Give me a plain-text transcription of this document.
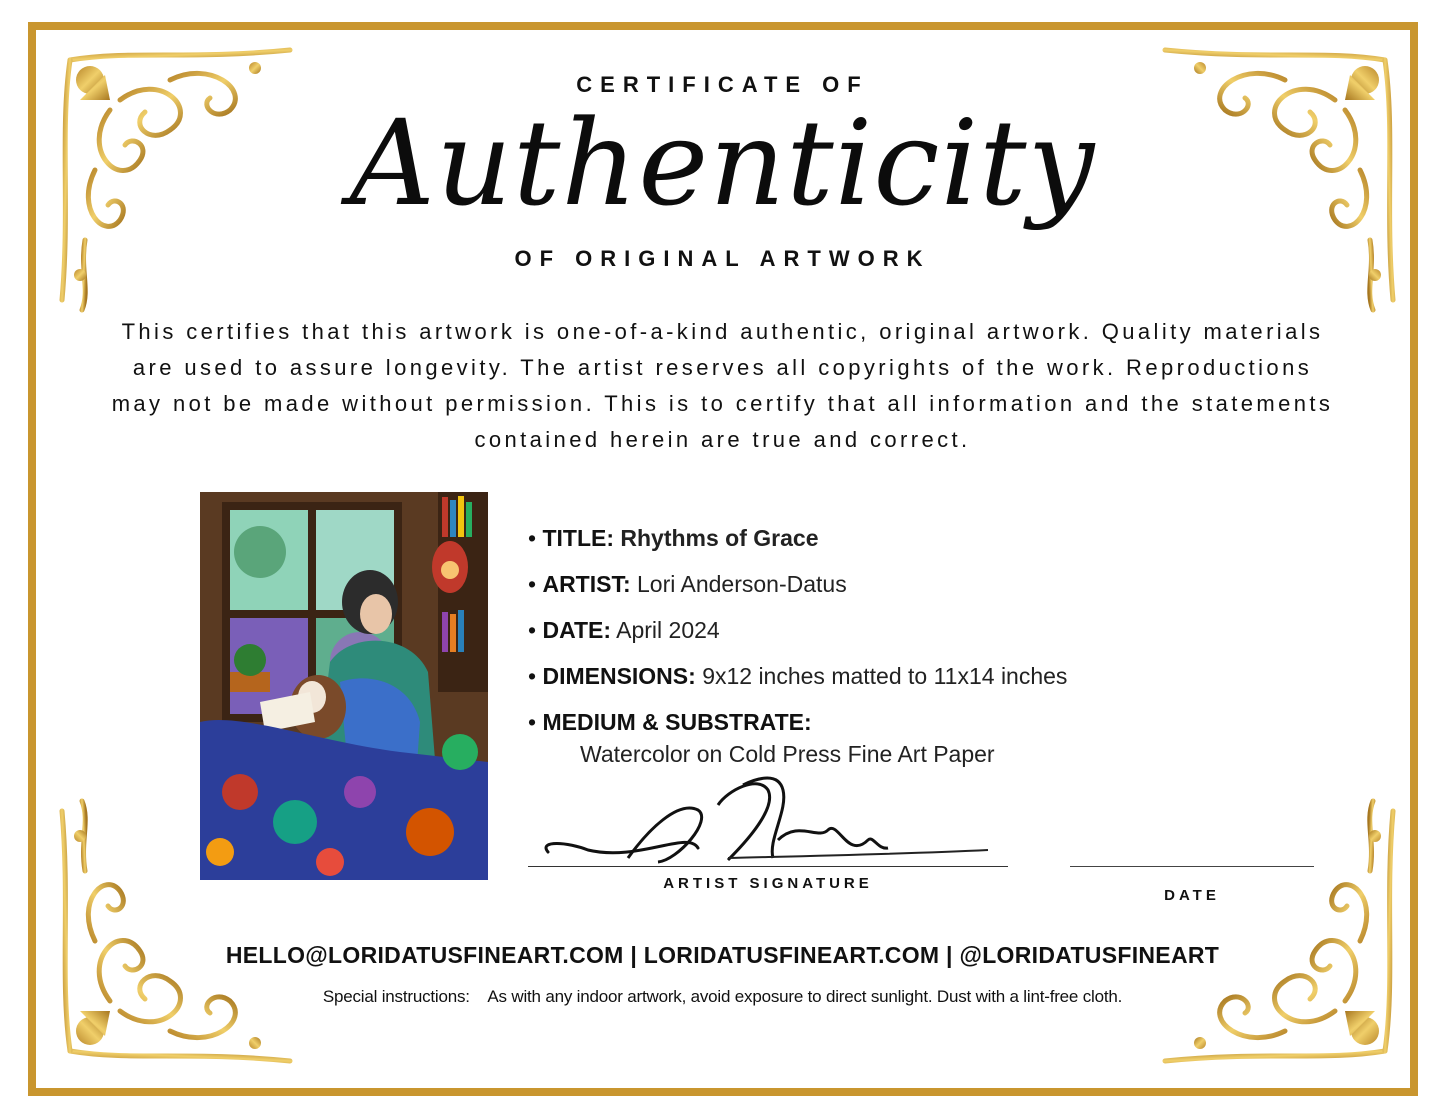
CERTIFICATE OF
Authenticity
OF ORIGINAL ARTWORK
This certifies that this artwork is one-of-a-kind authentic, original artwork. Quality materials are used to assure longevity. The artist reserves all copyrights of the work. Reproductions may not be made without permission. This is to certify that all information and the statements contained herein are true and correct.
• TITLE: Rhythms of Grace
• ARTIST: Lori Anderson-Datus
• DATE: April 2024
• DIMENSIONS: 9x12 inches matted to 11x14 inches
• MEDIUM & SUBSTRATE:
Watercolor on Cold Press Fine Art Paper
ARTIST SIGNATURE
DATE
HELLO@LORIDATUSFINEART.COM | LORIDATUSFINEART.COM | @LORIDATUSFINEART
Special instructions: As with any indoor artwork, avoid exposure to direct sunlight. Dust with a lint-free cloth.
